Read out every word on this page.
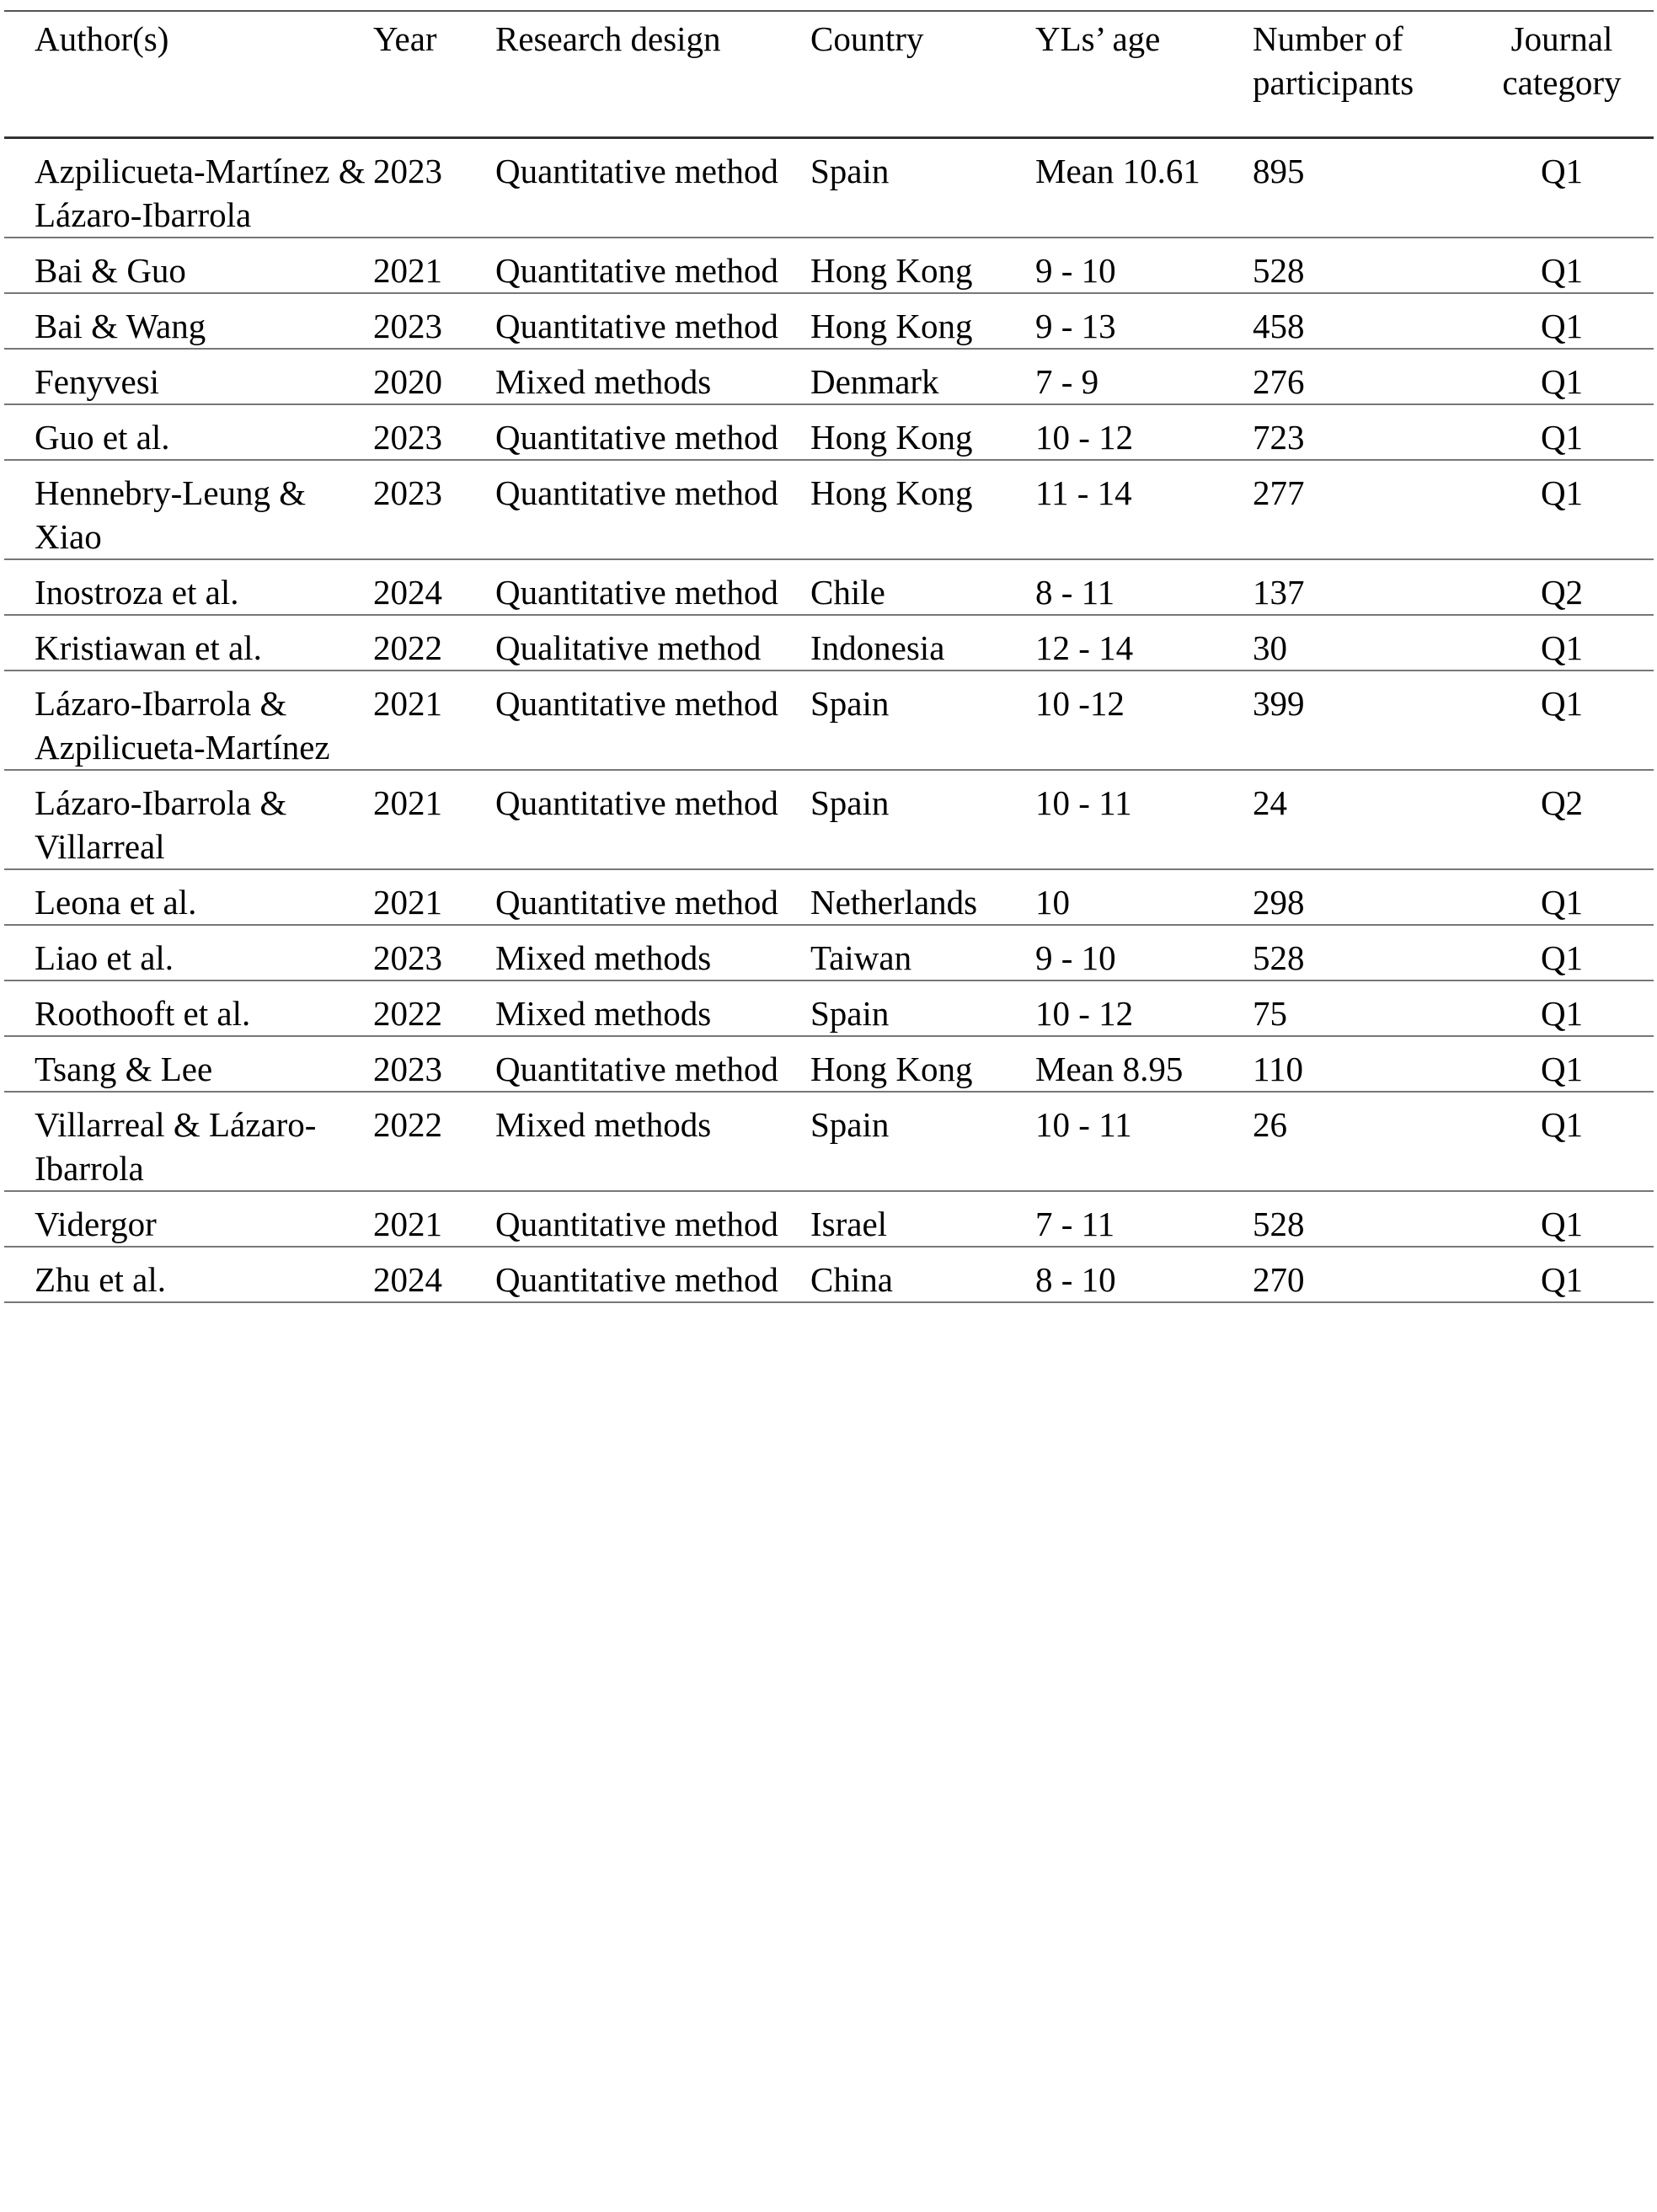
Author(s)	Year	Research design	Country	YLs’ age	Number of participants	Journal category
Azpilicueta-Martínez & Lázaro-Ibarrola	2023	Quantitative method	Spain	Mean 10.61	895	Q1
Bai & Guo	2021	Quantitative method	Hong Kong	9 - 10	528	Q1
Bai & Wang	2023	Quantitative method	Hong Kong	9 - 13	458	Q1
Fenyvesi	2020	Mixed methods	Denmark	7 - 9	276	Q1
Guo et al.	2023	Quantitative method	Hong Kong	10 - 12	723	Q1
Hennebry-Leung & Xiao	2023	Quantitative method	Hong Kong	11 - 14	277	Q1
Inostroza et al.	2024	Quantitative method	Chile	8 - 11	137	Q2
Kristiawan et al.	2022	Qualitative method	Indonesia	12 - 14	30	Q1
Lázaro-Ibarrola & Azpilicueta-Martínez	2021	Quantitative method	Spain	10 -12	399	Q1
Lázaro-Ibarrola & Villarreal	2021	Quantitative method	Spain	10 - 11	24	Q2
Leona et al.	2021	Quantitative method	Netherlands	10	298	Q1
Liao et al.	2023	Mixed methods	Taiwan	9 - 10	528	Q1
Roothooft et al.	2022	Mixed methods	Spain	10 - 12	75	Q1
Tsang & Lee	2023	Quantitative method	Hong Kong	Mean 8.95	110	Q1
Villarreal & Lázaro-Ibarrola	2022	Mixed methods	Spain	10 - 11	26	Q1
Vidergor	2021	Quantitative method	Israel	7 - 11	528	Q1
Zhu et al.	2024	Quantitative method	China	8 - 10	270	Q1
